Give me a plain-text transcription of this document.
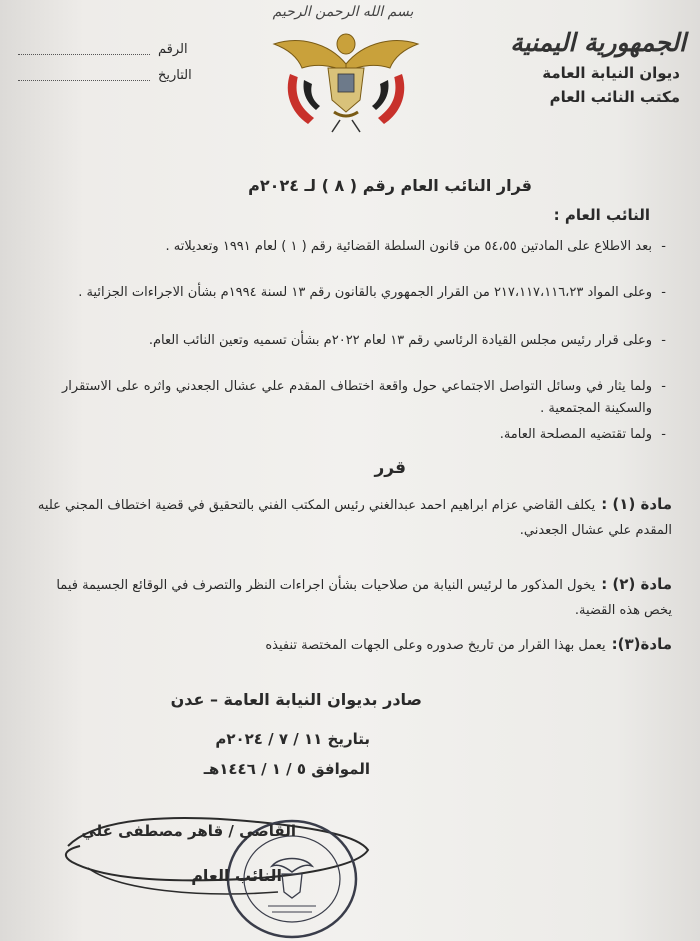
الجمهورية اليمنية
ديوان النيابة العامة
مكتب النائب العام
بسم الله الرحمن الرحيم
الرقم
التاريخ
قرار النائب العام رقم ( ٨ ) لـ ٢٠٢٤م
النائب العام :
-
بعد الاطلاع على المادتين ٥٤،٥٥ من قانون السلطة القضائية رقم ( ١ ) لعام ١٩٩١ وتعديلاته .
-
وعلى المواد ٢١٧،١١٧،١١٦،٢٣ من القرار الجمهوري بالقانون رقم ١٣ لسنة ١٩٩٤م بشأن الاجراءات الجزائية .
-
وعلى قرار رئيس مجلس القيادة الرئاسي رقم ١٣ لعام ٢٠٢٢م بشأن تسميه وتعين النائب العام.
-
ولما يثار في وسائل التواصل الاجتماعي حول واقعة اختطاف المقدم علي عشال الجعدني واثره على الاستقرار والسكينة المجتمعية .
-
ولما تقتضيه المصلحة العامة.
قرر
مادة (١) :يكلف القاضي عزام ابراهيم احمد عبدالغني رئيس المكتب الفني بالتحقيق في قضية اختطاف المجني عليه المقدم علي عشال الجعدني.
مادة (٢) :يخول المذكور ما لرئيس النيابة من صلاحيات بشأن اجراءات النظر والتصرف في الوقائع الجسيمة فيما يخص هذه القضية.
مادة(٣):يعمل بهذا القرار من تاريخ صدوره وعلى الجهات المختصة تنفيذه
صادر بديوان النيابة العامة – عدن
بتاريخ ١١ / ٧ / ٢٠٢٤م
الموافق ٥ / ١ / ١٤٤٦هـ
القاضي / قاهر مصطفى علي
النائب العام
